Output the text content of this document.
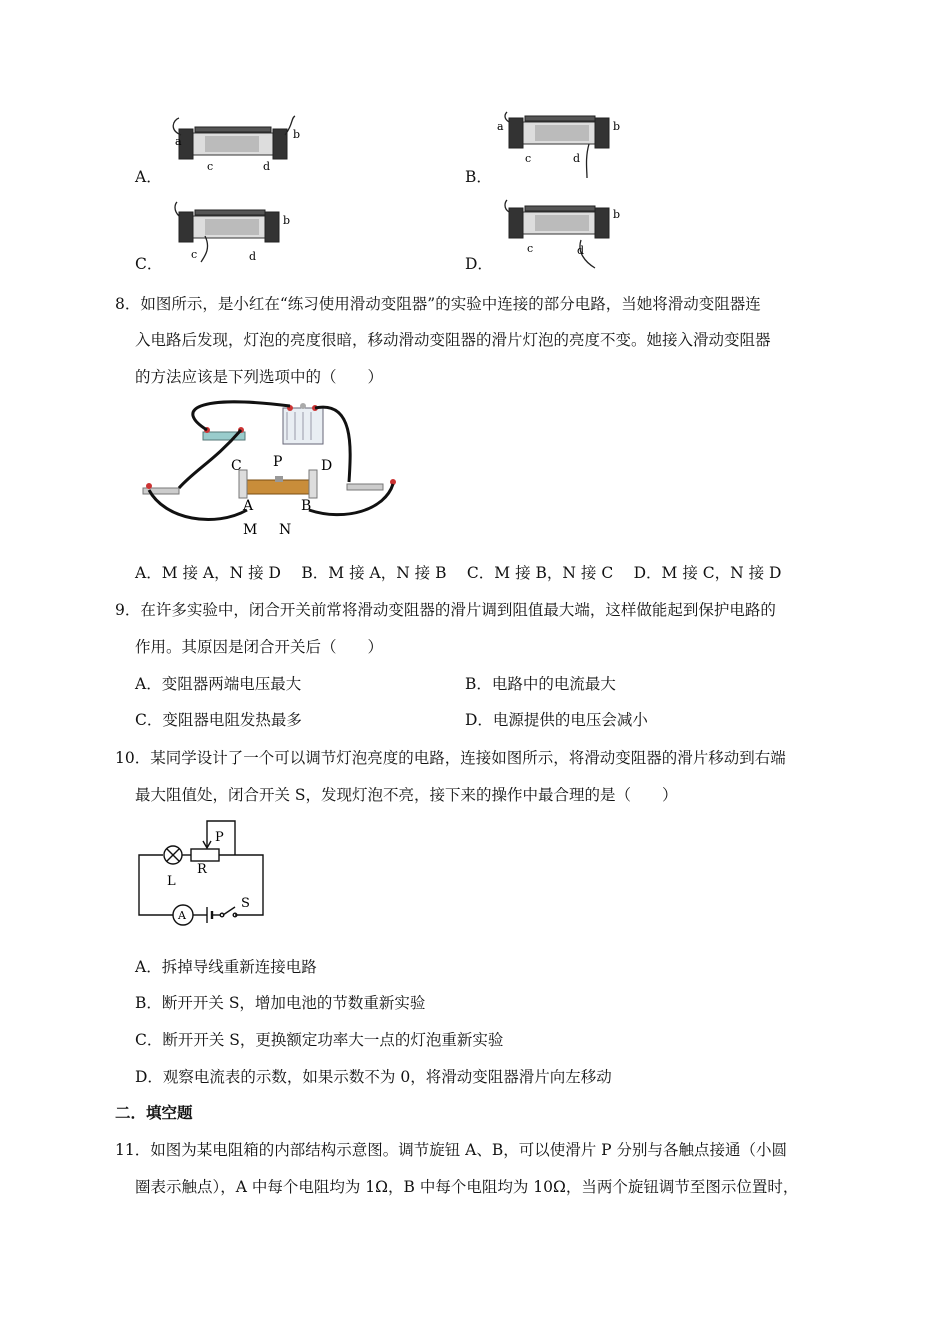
A．
a
b
c	d
B．
a	b
c	d
C．
b
c	d	D．
b
c	d
8．如图所示，是小红在“练习使用滑动变阻器”的实验中连接的部分电路，当她将滑动变阻器连
入电路后发现，灯泡的亮度很暗，移动滑动变阻器的滑片灯泡的亮度不变。她接入滑动变阻器
的方法应该是下列选项中的（　　）
C P	D
A	B
M N
A．M 接 A，N 接 D　 B．M 接 A，N 接 B　 C．M 接 B，N 接 C　 D．M 接 C，N 接 D
9．在许多实验中，闭合开关前常将滑动变阻器的滑片调到阻值最大端，这样做能起到保护电路的
作用。其原因是闭合开关后（　　）
A．变阻器两端电压最大	B．电路中的电流最大
C．变阻器电阻发热最多	D．电源提供的电压会减小
10．某同学设计了一个可以调节灯泡亮度的电路，连接如图所示，将滑动变阻器的滑片移动到右端
最大阻值处，闭合开关 S，发现灯泡不亮，接下来的操作中最合理的是（　　）
P
R
L
A
S
A．拆掉导线重新连接电路
B．断开开关 S，增加电池的节数重新实验
C．断开开关 S，更换额定功率大一点的灯泡重新实验
D．观察电流表的示数，如果示数不为 0，将滑动变阻器滑片向左移动
二．填空题
11．如图为某电阻箱的内部结构示意图。调节旋钮 A、B，可以使滑片 P 分别与各触点接通（小圆
圈表示触点），A 中每个电阻均为 1Ω，B 中每个电阻均为 10Ω，当两个旋钮调节至图示位置时，
